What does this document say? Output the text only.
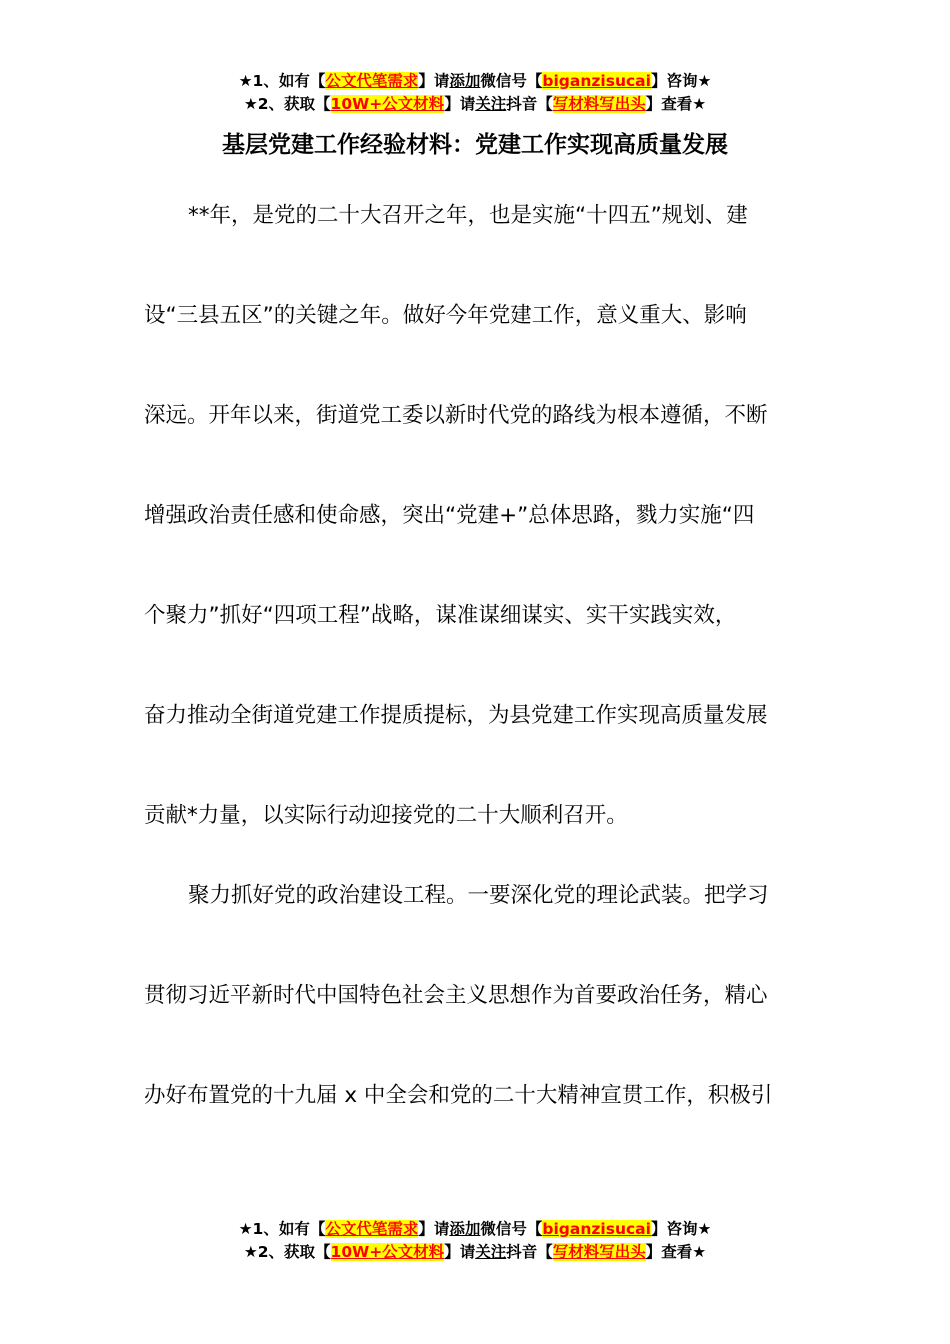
★1、如有【公文代笔需求】请添加微信号【biganzisucai】咨询★
★2、获取【10W+公文材料】请关注抖音【写材料写出头】查看★
基层党建工作经验材料：党建工作实现高质量发展
**年，是党的二十大召开之年，也是实施“十四五”规划、建
设“三县五区”的关键之年。做好今年党建工作，意义重大、影响
深远。开年以来，街道党工委以新时代党的路线为根本遵循，不断
增强政治责任感和使命感，突出“党建+”总体思路，戮力实施“四
个聚力”抓好“四项工程”战略，谋准谋细谋实、实干实践实效，
奋力推动全街道党建工作提质提标，为县党建工作实现高质量发展
贡献*力量，以实际行动迎接党的二十大顺利召开。
聚力抓好党的政治建设工程。一要深化党的理论武装。把学习
贯彻习近平新时代中国特色社会主义思想作为首要政治任务，精心
办好布置党的十九届 x 中全会和党的二十大精神宣贯工作，积极引
★1、如有【公文代笔需求】请添加微信号【biganzisucai】咨询★
★2、获取【10W+公文材料】请关注抖音【写材料写出头】查看★
